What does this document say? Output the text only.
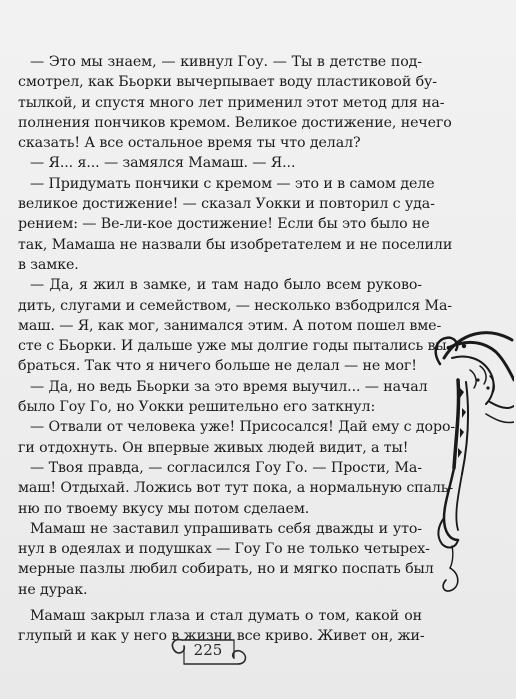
— Это мы знаем, — кивнул Гоу. — Ты в детстве под-
смотрел, как Бьорки вычерпывает воду пластиковой бу-
тылкой, и спустя много лет применил этот метод для на-
полнения пончиков кремом. Великое достижение, нечего
сказать! А все остальное время ты что делал?
— Я... я... — замялся Мамаш. — Я...
— Придумать пончики с кремом — это и в самом деле
великое достижение! — сказал Уокки и повторил с уда-
рением: — Ве-ли-кое достижение! Если бы это было не
так, Мамаша не назвали бы изобретателем и не поселили
в замке.
— Да, я жил в замке, и там надо было всем руково-
дить, слугами и семейством, — несколько взбодрился Ма-
маш. — Я, как мог, занимался этим. А потом пошел вме-
сте с Бьорки. И дальше уже мы долгие годы пытались вы-
браться. Так что я ничего больше не делал — не мог!
— Да, но ведь Бьорки за это время выучил... — начал
было Гоу Го, но Уокки решительно его заткнул:
— Отвали от человека уже! Присосался! Дай ему с доро-
ги отдохнуть. Он впервые живых людей видит, а ты!
— Твоя правда, — согласился Гоу Го. — Прости, Ма-
маш! Отдыхай. Ложись вот тут пока, а нормальную спаль-
ню по твоему вкусу мы потом сделаем.
Мамаш не заставил упрашивать себя дважды и уто-
нул в одеялах и подушках — Гоу Го не только четырех-
мерные пазлы любил собирать, но и мягко поспать был
не дурак.
Мамаш закрыл глаза и стал думать о том, какой он
глупый и как у него в жизни все криво. Живет он, жи-
225
